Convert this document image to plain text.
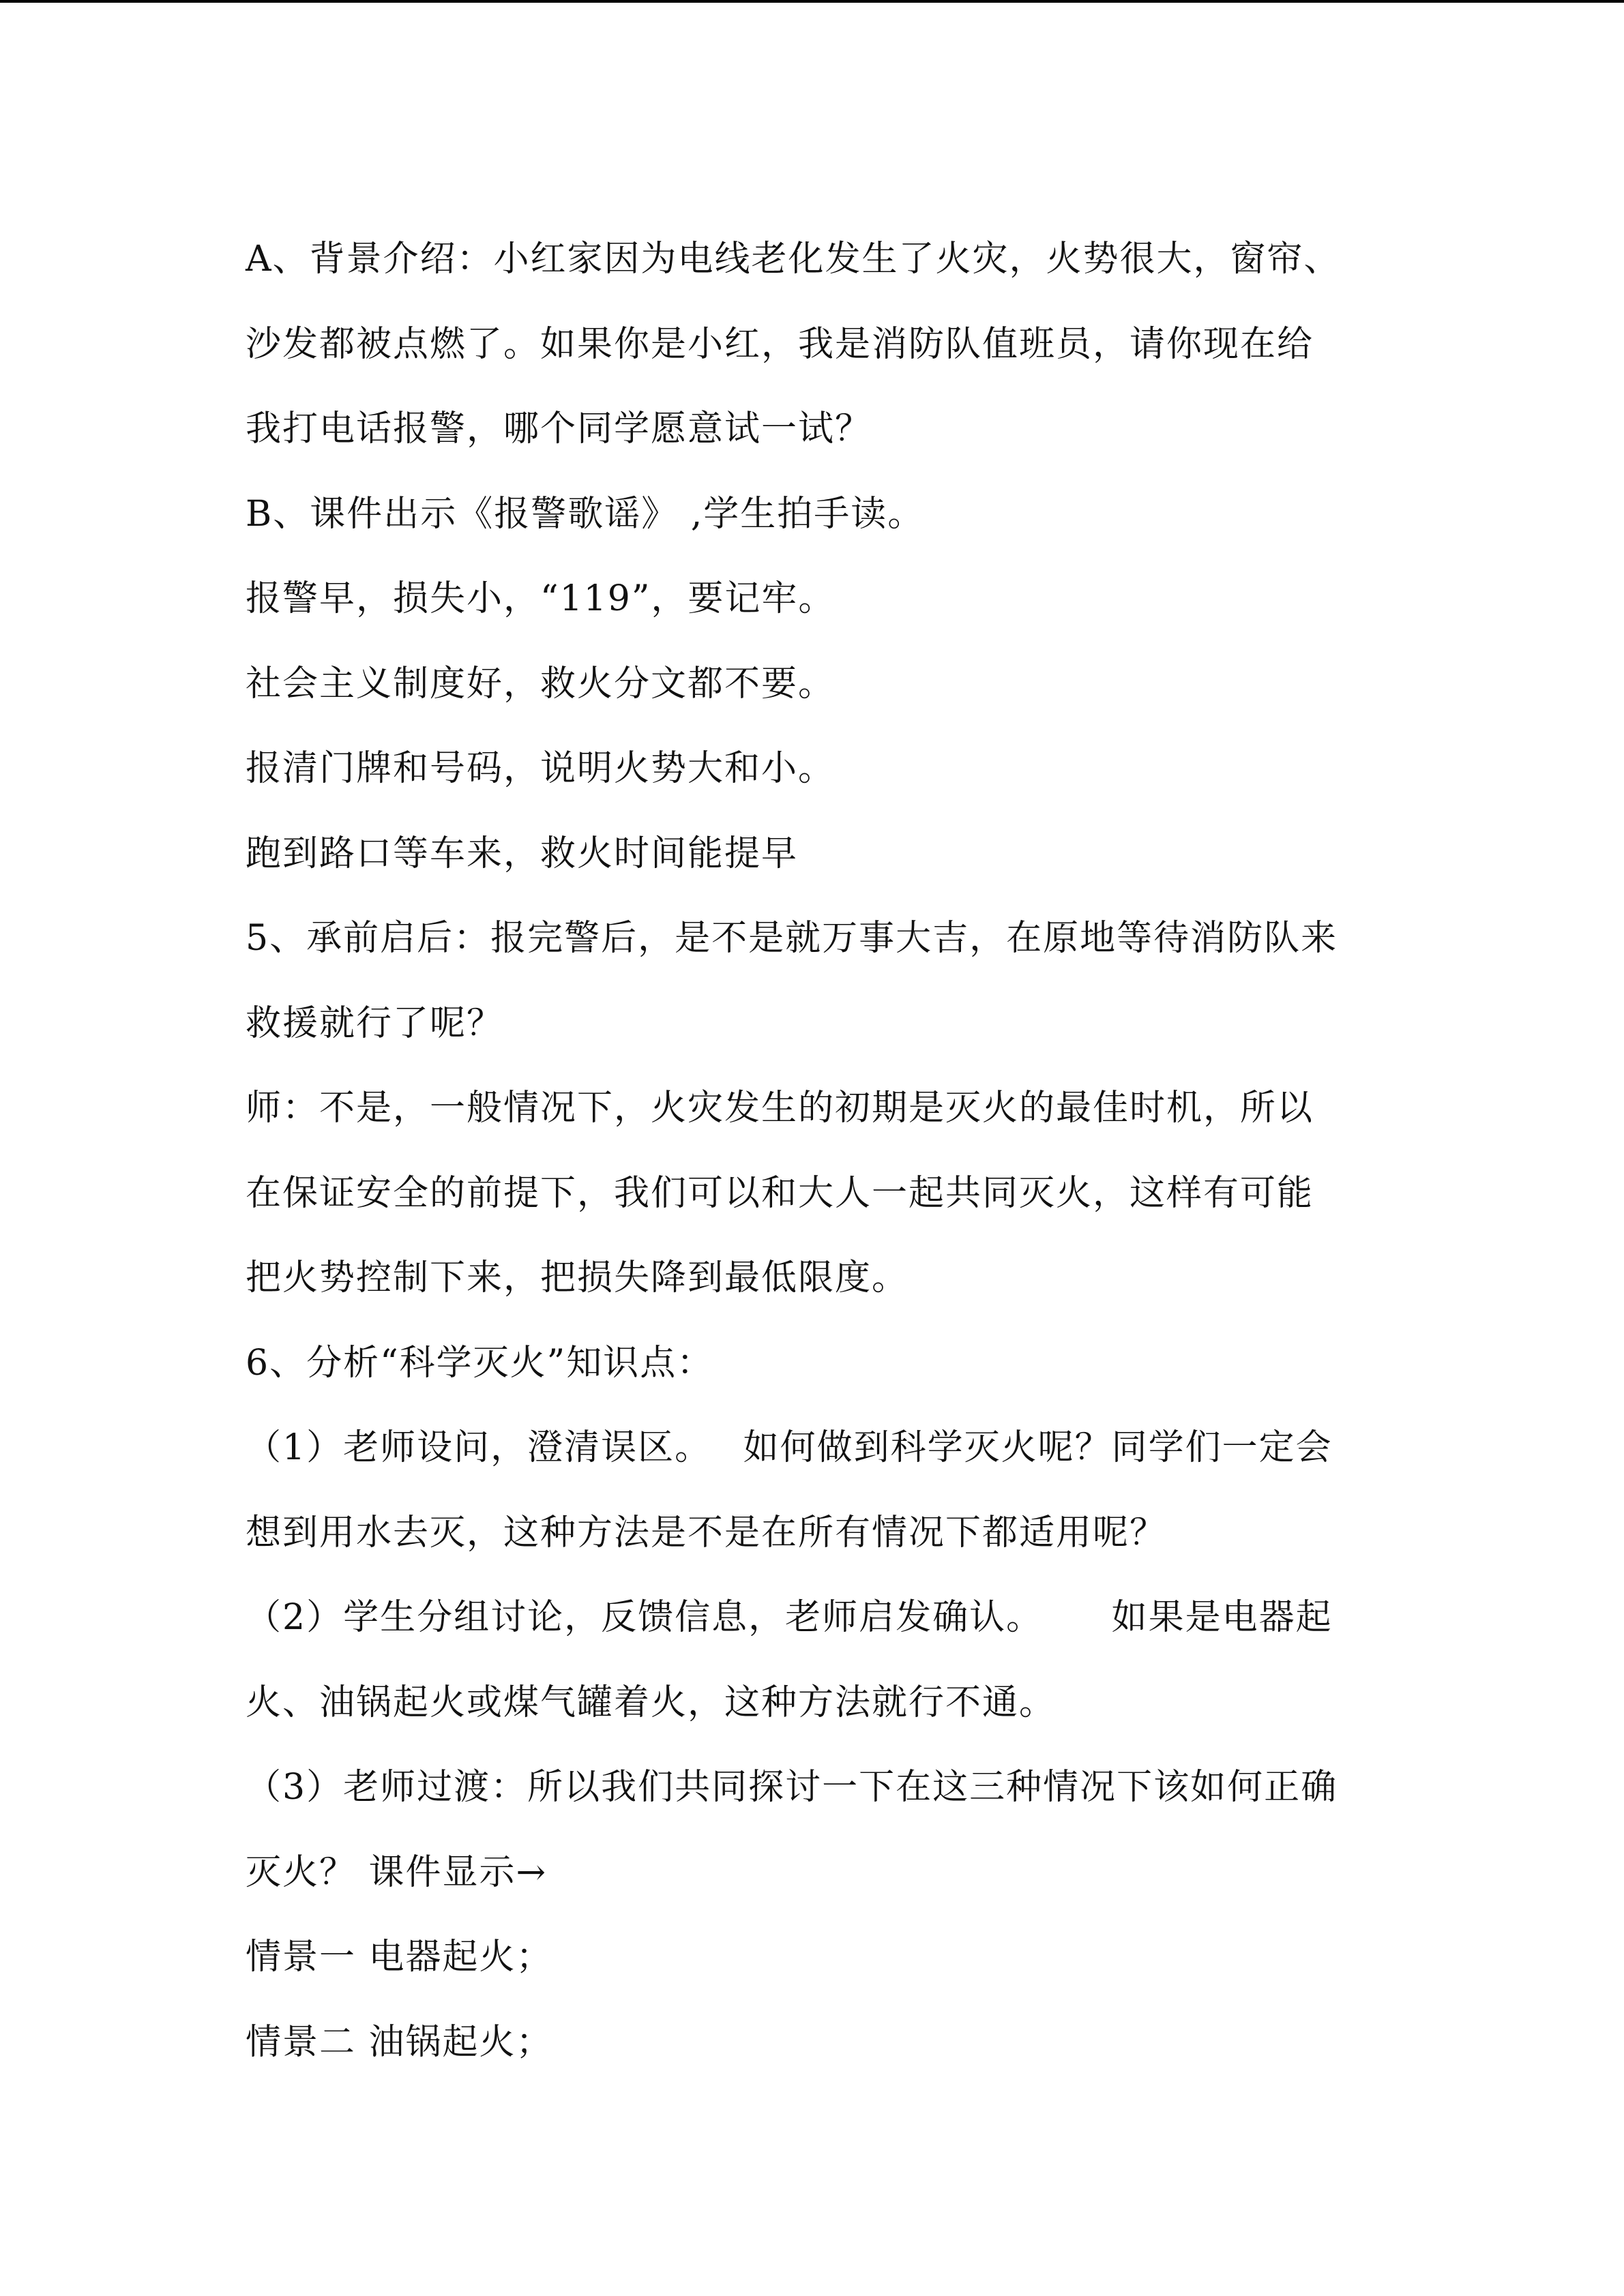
A、背景介绍：小红家因为电线老化发生了火灾，火势很大，窗帘、
沙发都被点燃了。如果你是小红，我是消防队值班员，请你现在给
我打电话报警，哪个同学愿意试一试？
B、课件出示《报警歌谣》 ,学生拍手读。
报警早，损失小，“119”，要记牢。
社会主义制度好，救火分文都不要。
报清门牌和号码，说明火势大和小。
跑到路口等车来，救火时间能提早
5、承前启后：报完警后，是不是就万事大吉，在原地等待消防队来
救援就行了呢？
师：不是，一般情况下，火灾发生的初期是灭火的最佳时机，所以
在保证安全的前提下，我们可以和大人一起共同灭火，这样有可能
把火势控制下来，把损失降到最低限度。
6、分析“科学灭火”知识点：
（1）老师设问，澄清误区。　 如何做到科学灭火呢？同学们一定会
想到用水去灭，这种方法是不是在所有情况下都适用呢？
（2）学生分组讨论，反馈信息，老师启发确认。　　 如果是电器起
火、油锅起火或煤气罐着火，这种方法就行不通。
（3）老师过渡：所以我们共同探讨一下在这三种情况下该如何正确
灭火？ 课件显示→
情景一 电器起火；
情景二 油锅起火；
